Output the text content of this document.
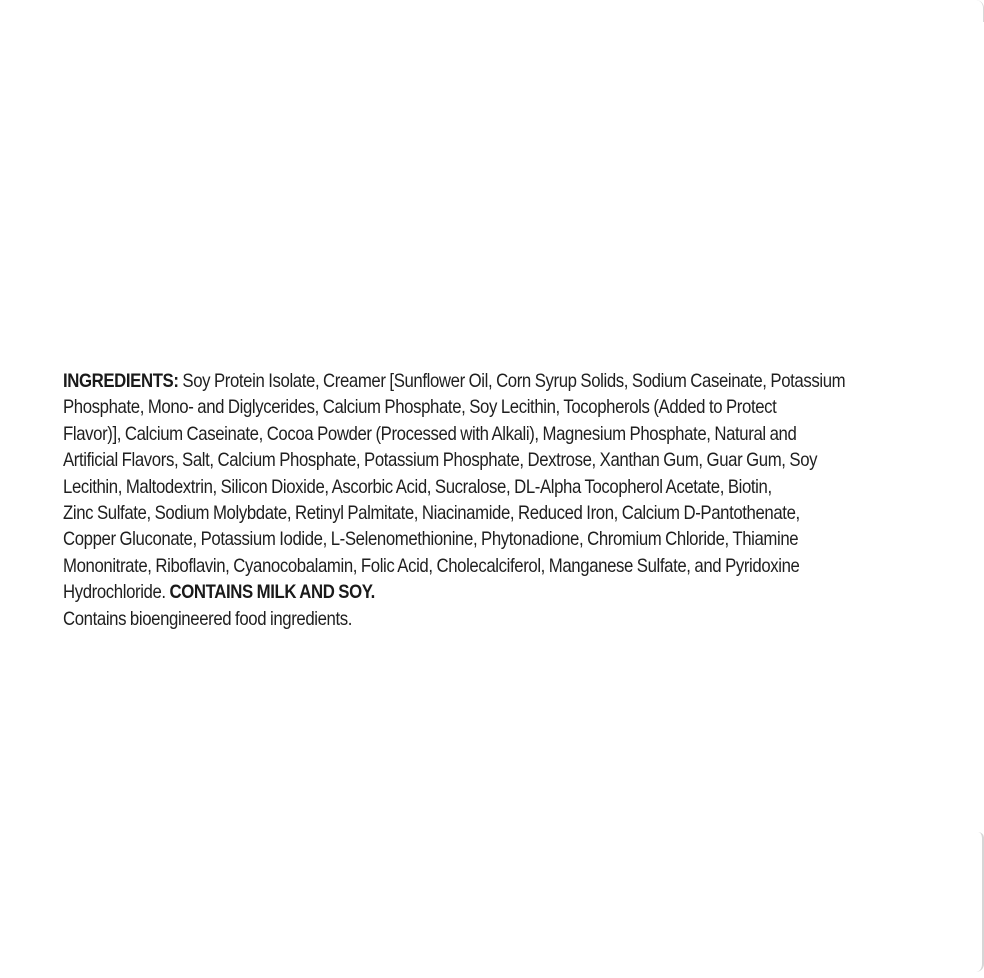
INGREDIENTS: Soy Protein Isolate, Creamer [Sunflower Oil, Corn Syrup Solids, Sodium Caseinate, Potassium
Phosphate, Mono- and Diglycerides, Calcium Phosphate, Soy Lecithin, Tocopherols (Added to Protect
Flavor)], Calcium Caseinate, Cocoa Powder (Processed with Alkali), Magnesium Phosphate, Natural and
Artificial Flavors, Salt, Calcium Phosphate, Potassium Phosphate, Dextrose, Xanthan Gum, Guar Gum, Soy
Lecithin, Maltodextrin, Silicon Dioxide, Ascorbic Acid, Sucralose, DL-Alpha Tocopherol Acetate, Biotin,
Zinc Sulfate, Sodium Molybdate, Retinyl Palmitate, Niacinamide, Reduced Iron, Calcium D-Pantothenate,
Copper Gluconate, Potassium Iodide, L-Selenomethionine, Phytonadione, Chromium Chloride, Thiamine
Mononitrate, Riboflavin, Cyanocobalamin, Folic Acid, Cholecalciferol, Manganese Sulfate, and Pyridoxine
Hydrochloride. CONTAINS MILK AND SOY.
Contains bioengineered food ingredients.
